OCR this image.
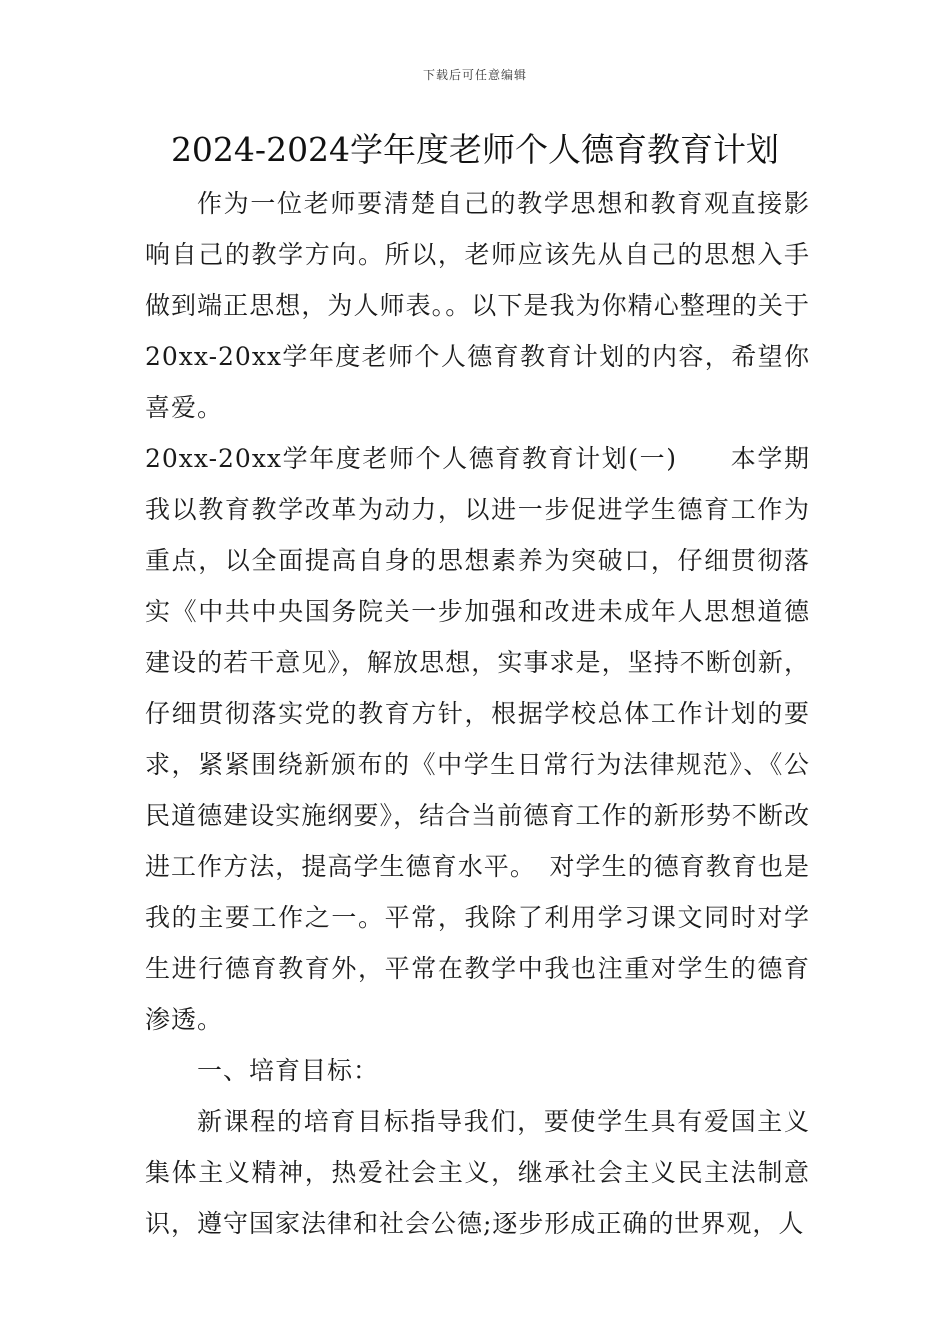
下载后可任意编辑
2024-2024学年度老师个人德育教育计划

作为一位老师要清楚自己的教学思想和教育观直接影响自己的教学方向。所以，老师应该先从自己的思想入手做到端正思想，为人师表。。以下是我为你精心整理的关于20xx-20xx学年度老师个人德育教育计划的内容，希望你喜爱。

20xx-20xx学年度老师个人德育教育计划(一)　　本学期我以教育教学改革为动力，以进一步促进学生德育工作为重点，以全面提高自身的思想素养为突破口，仔细贯彻落实《中共中央国务院关一步加强和改进未成年人思想道德建设的若干意见》，解放思想，实事求是，坚持不断创新，仔细贯彻落实党的教育方针，根据学校总体工作计划的要求，紧紧围绕新颁布的《中学生日常行为法律规范》、《公民道德建设实施纲要》，结合当前德育工作的新形势不断改进工作方法，提高学生德育水平。　对学生的德育教育也是我的主要工作之一。平常，我除了利用学习课文同时对学生进行德育教育外，平常在教学中我也注重对学生的德育渗透。

一、培育目标：

新课程的培育目标指导我们，要使学生具有爱国主义集体主义精神，热爱社会主义，继承社会主义民主法制意识，遵守国家法律和社会公德;逐步形成正确的世界观，人
